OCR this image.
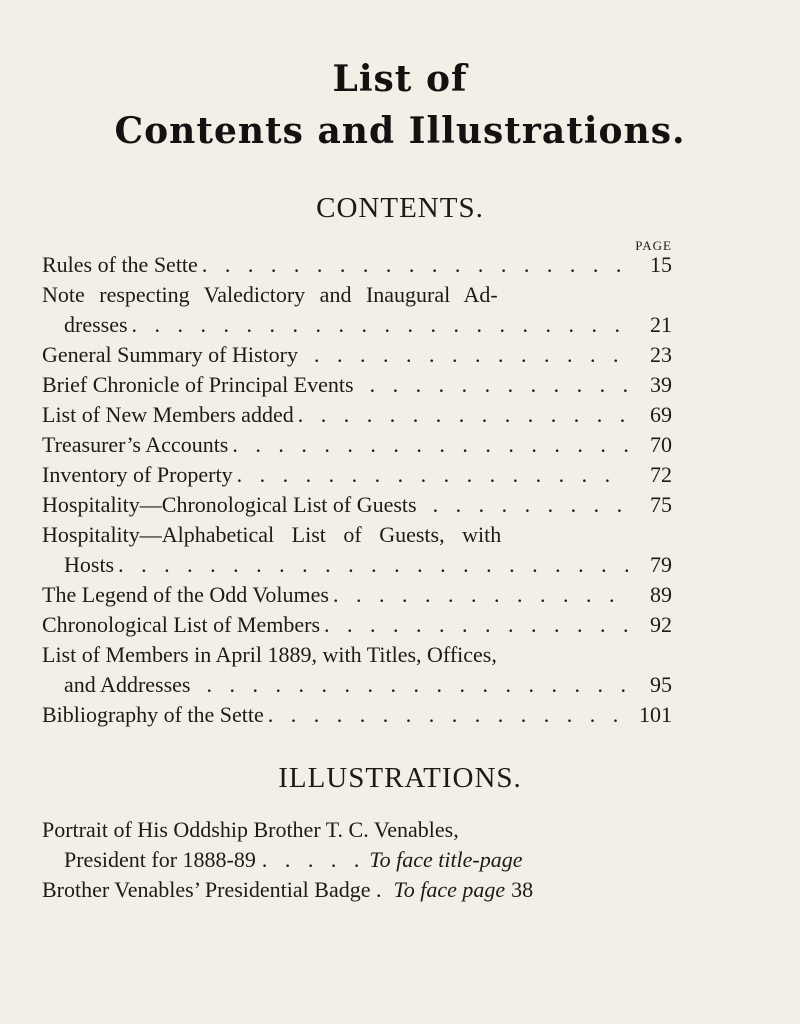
List of
Contents and Illustrations.
CONTENTS.
PAGE
Rules of the Sette . . .	15
Note respecting Valedictory and Inaugural Ad-
dresses . . .	21
General Summary of History . . .	23
Brief Chronicle of Principal Events . . .	39
List of New Members added . . .	69
Treasurer’s Accounts . . .	70
Inventory of Property . . .	72
Hospitality—Chronological List of Guests . . .	75
Hospitality—Alphabetical List of Guests, with
Hosts . . .	79
The Legend of the Odd Volumes . . .	89
Chronological List of Members . . .	92
List of Members in April 1889, with Titles, Offices,
and Addresses . . .	95
Bibliography of the Sette . . .	101
ILLUSTRATIONS.
Portrait of His Oddship Brother T. C. Venables,
President for 1888-89 . . . . . To face title-page
Brother Venables’ Presidential Badge . To face page 38
